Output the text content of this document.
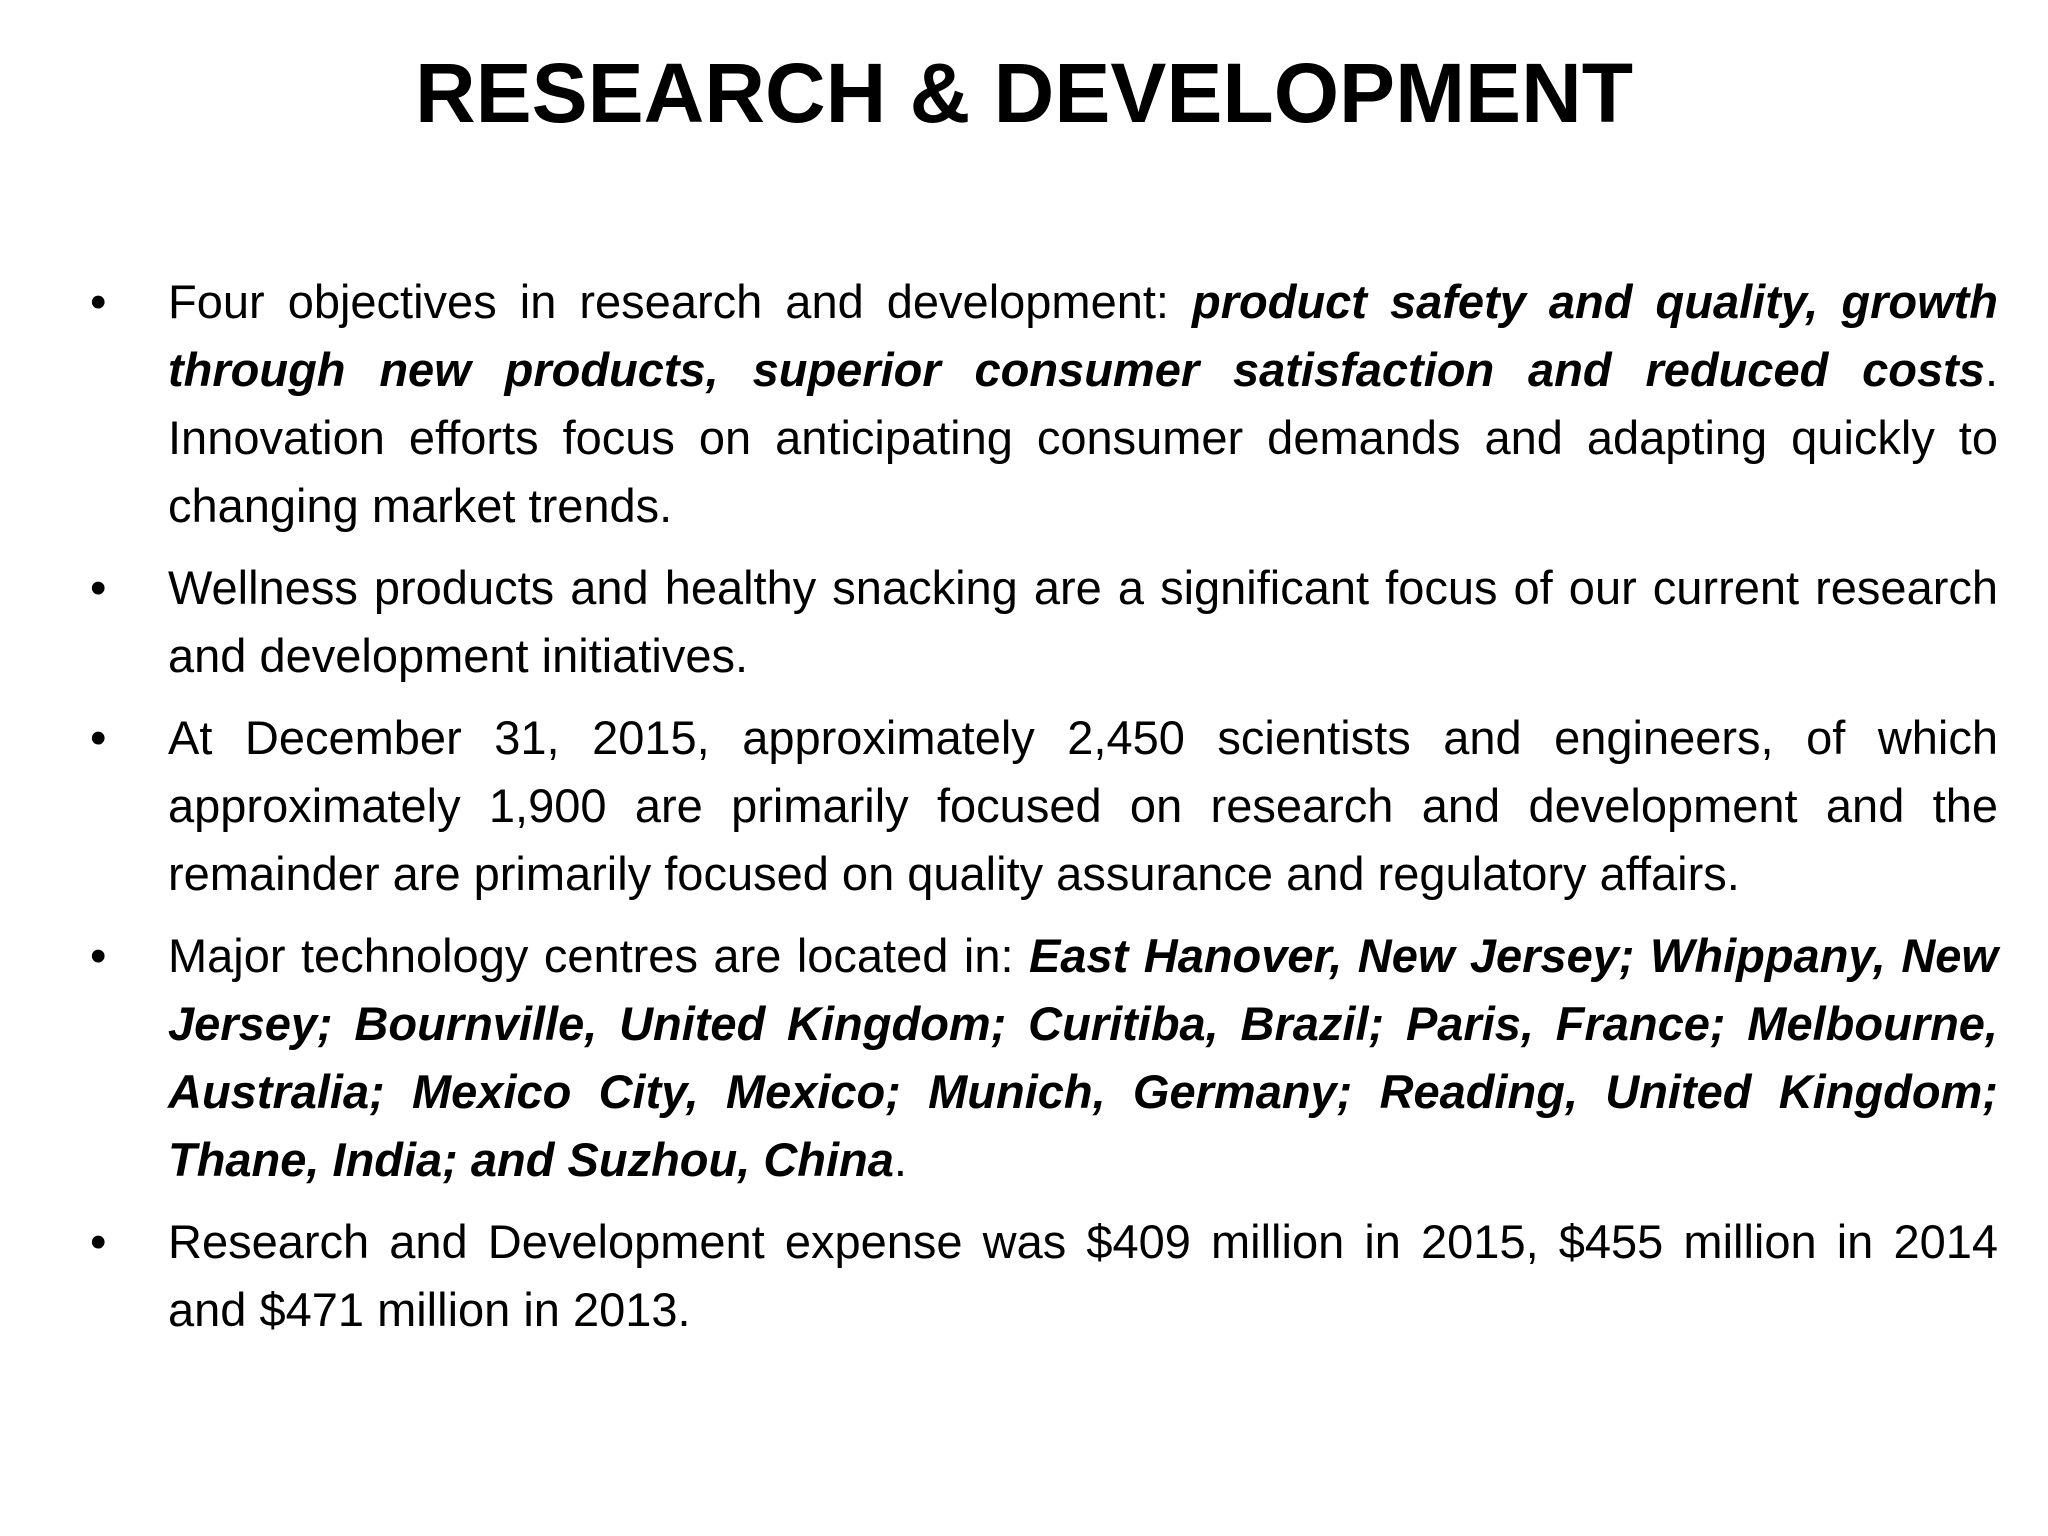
RESEARCH & DEVELOPMENT
•	Four objectives in research and development: product safety and quality, growth through new products, superior consumer satisfaction and reduced costs. Innovation efforts focus on anticipating consumer demands and adapting quickly to changing market trends.
•	Wellness products and healthy snacking are a significant focus of our current research and development initiatives.
•	At December 31, 2015, approximately 2,450 scientists and engineers, of which approximately 1,900 are primarily focused on research and development and the remainder are primarily focused on quality assurance and regulatory affairs.
•	Major technology centres are located in: East Hanover, New Jersey; Whippany, New Jersey; Bournville, United Kingdom; Curitiba, Brazil; Paris, France; Melbourne, Australia; Mexico City, Mexico; Munich, Germany; Reading, United Kingdom; Thane, India; and Suzhou, China.
•	Research and Development expense was $409 million in 2015, $455 million in 2014 and $471 million in 2013.
